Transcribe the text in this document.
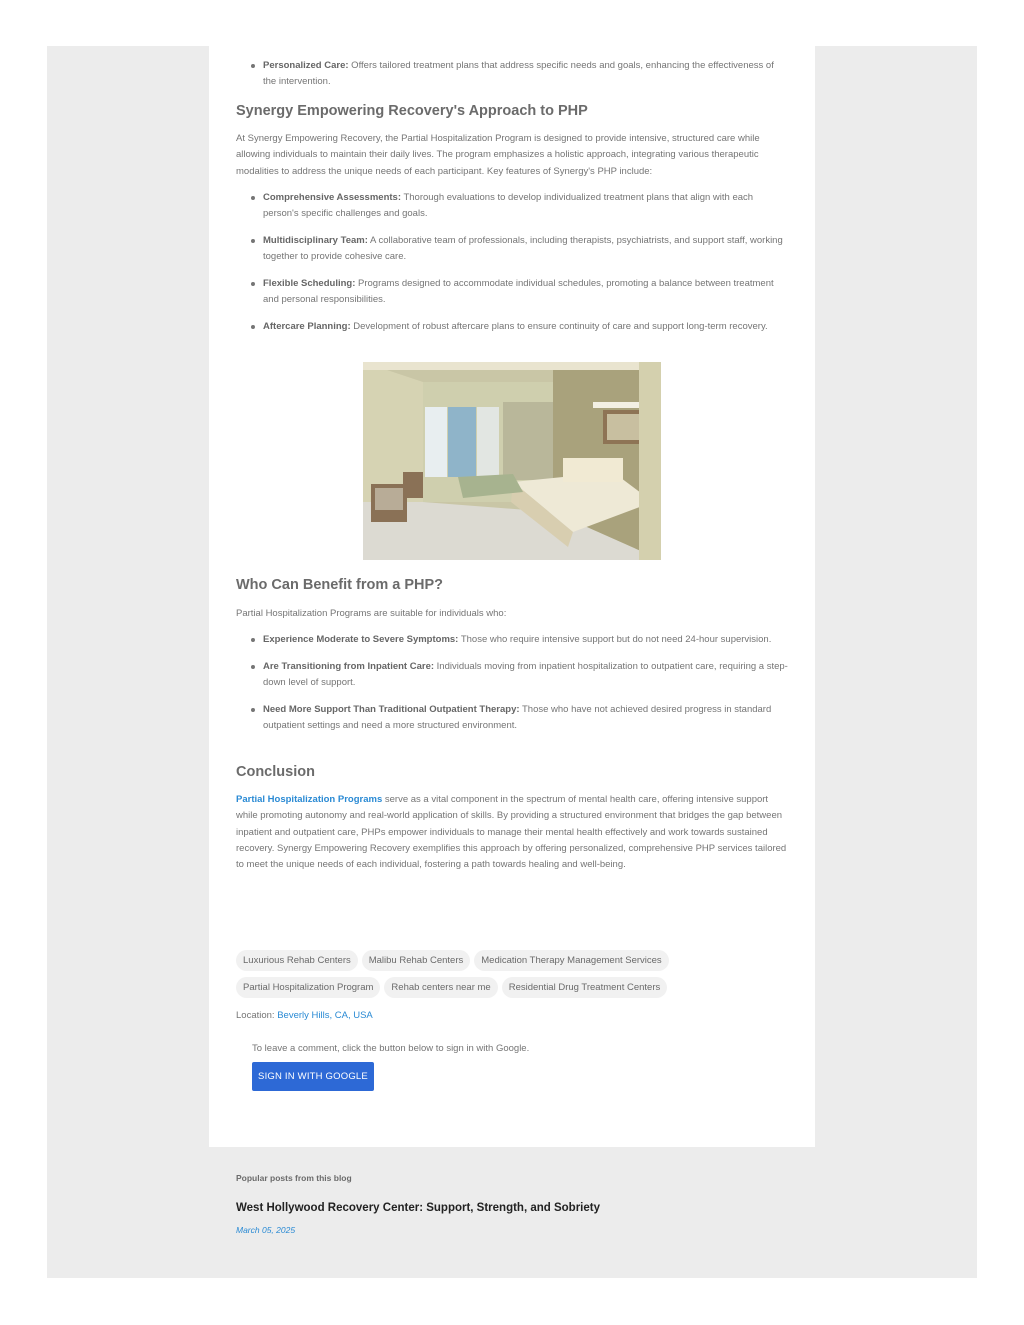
Personalized Care: Offers tailored treatment plans that address specific needs and goals, enhancing the effectiveness of the intervention.
Synergy Empowering Recovery's Approach to PHP

At Synergy Empowering Recovery, the Partial Hospitalization Program is designed to provide intensive, structured care while allowing individuals to maintain their daily lives. The program emphasizes a holistic approach, integrating various therapeutic modalities to address the unique needs of each participant. Key features of Synergy's PHP include:

Comprehensive Assessments: Thorough evaluations to develop individualized treatment plans that align with each person's specific challenges and goals.
Multidisciplinary Team: A collaborative team of professionals, including therapists, psychiatrists, and support staff, working together to provide cohesive care.
Flexible Scheduling: Programs designed to accommodate individual schedules, promoting a balance between treatment and personal responsibilities.
Aftercare Planning: Development of robust aftercare plans to ensure continuity of care and support long-term recovery.
Who Can Benefit from a PHP?

Partial Hospitalization Programs are suitable for individuals who:

Experience Moderate to Severe Symptoms: Those who require intensive support but do not need 24-hour supervision.
Are Transitioning from Inpatient Care: Individuals moving from inpatient hospitalization to outpatient care, requiring a step-down level of support.
Need More Support Than Traditional Outpatient Therapy: Those who have not achieved desired progress in standard outpatient settings and need a more structured environment.
Conclusion

Partial Hospitalization Programs serve as a vital component in the spectrum of mental health care, offering intensive support while promoting autonomy and real-world application of skills. By providing a structured environment that bridges the gap between inpatient and outpatient care, PHPs empower individuals to manage their mental health effectively and work towards sustained recovery. Synergy Empowering Recovery exemplifies this approach by offering personalized, comprehensive PHP services tailored to meet the unique needs of each individual, fostering a path towards healing and well-being.

Luxurious Rehab Centers Malibu Rehab Centers Medication Therapy Management Services
Partial Hospitalization Program Rehab centers near me Residential Drug Treatment Centers

Location: Beverly Hills, CA, USA

To leave a comment, click the button below to sign in with Google.

SIGN IN WITH GOOGLE
Popular posts from this blog
West Hollywood Recovery Center: Support, Strength, and Sobriety
March 05, 2025
